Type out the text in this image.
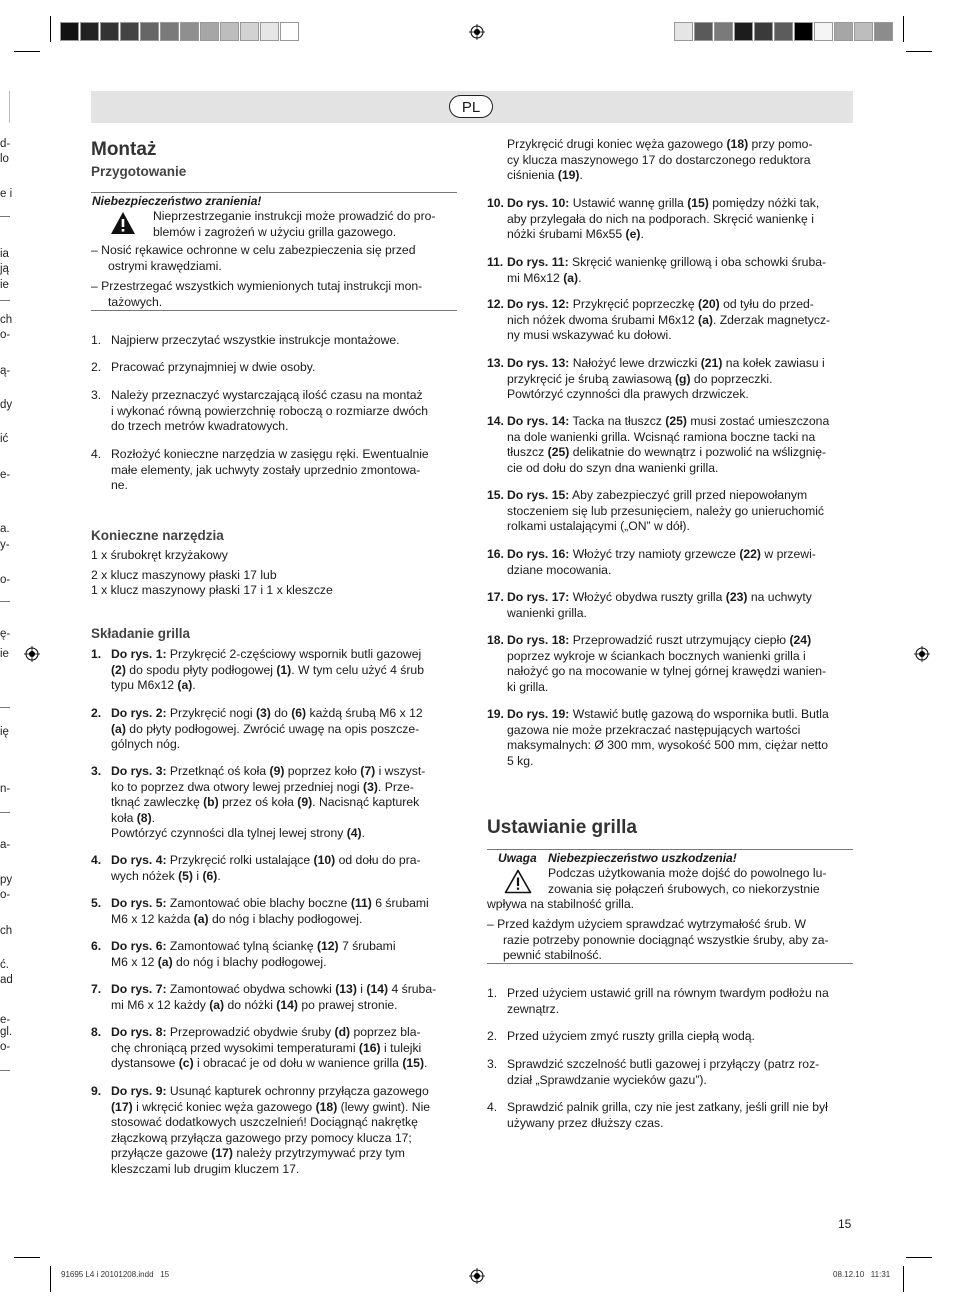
d-
lo
e i
ia
ją
ie
ch
o-
ą-
dy
ić
e-
a.
y-
o-
ę-
ie
ię
n-
a-
py
o-
ch
ć.
ad
e-
gl.
o-
PL
Montaż
Przygotowanie
Niebezpieczeństwo zranienia!
Nieprzestrzeganie instrukcji może prowadzić do pro-
blemów i zagrożeń w użyciu grilla gazowego.
– Nosić rękawice ochronne w celu zabezpieczenia się przed
ostrymi krawędziami.
– Przestrzegać wszystkich wymienionych tutaj instrukcji mon-
tażowych.
1. Najpierw przeczytać wszystkie instrukcje montażowe.
2. Pracować przynajmniej w dwie osoby.
3. Należy przeznaczyć wystarczającą ilość czasu na montaż
i wykonać równą powierzchnię roboczą o rozmiarze dwóch
do trzech metrów kwadratowych.
4. Rozłożyć konieczne narzędzia w zasięgu ręki. Ewentualnie
małe elementy, jak uchwyty zostały uprzednio zmontowa-
ne.
Konieczne narzędzia
1 x śrubokręt krzyżakowy
2 x klucz maszynowy płaski 17 lub
1 x klucz maszynowy płaski 17 i 1 x kleszcze
Składanie grilla
1. Do rys. 1: Przykręcić 2-częściowy wspornik butli gazowej
(2) do spodu płyty podłogowej (1). W tym celu użyć 4 śrub
typu M6x12 (a).
2. Do rys. 2: Przykręcić nogi (3) do (6) każdą śrubą M6 x 12
(a) do płyty podłogowej. Zwrócić uwagę na opis poszcze-
gólnych nóg.
3. Do rys. 3: Przetknąć oś koła (9) poprzez koło (7) i wszyst-
ko to poprzez dwa otwory lewej przedniej nogi (3). Prze-
tknąć zawleczkę (b) przez oś koła (9). Nacisnąć kapturek
koła (8).
Powtórzyć czynności dla tylnej lewej strony (4).
4. Do rys. 4: Przykręcić rolki ustalające (10) od dołu do pra-
wych nóżek (5) i (6).
5. Do rys. 5: Zamontować obie blachy boczne (11) 6 śrubami
M6 x 12 każda (a) do nóg i blachy podłogowej.
6. Do rys. 6: Zamontować tylną ściankę (12) 7 śrubami
M6 x 12 (a) do nóg i blachy podłogowej.
7. Do rys. 7: Zamontować obydwa schowki (13) i (14) 4 śruba-
mi M6 x 12 każdy (a) do nóżki (14) po prawej stronie.
8. Do rys. 8: Przeprowadzić obydwie śruby (d) poprzez bla-
chę chroniącą przed wysokimi temperaturami (16) i tulejki
dystansowe (c) i obracać je od dołu w wanience grilla (15).
9. Do rys. 9: Usunąć kapturek ochronny przyłącza gazowego
(17) i wkręcić koniec węża gazowego (18) (lewy gwint). Nie
stosować dodatkowych uszczelnień! Dociągnąć nakrętkę
złączkową przyłącza gazowego przy pomocy klucza 17;
przyłącze gazowe (17) należy przytrzymywać przy tym
kleszczami lub drugim kluczem 17.
Przykręcić drugi koniec węża gazowego (18) przy pomo-
cy klucza maszynowego 17 do dostarczonego reduktora
ciśnienia (19).
10. Do rys. 10: Ustawić wannę grilla (15) pomiędzy nóżki tak,
aby przylegała do nich na podporach. Skręcić wanienkę i
nóżki śrubami M6x55 (e).
11. Do rys. 11: Skręcić wanienkę grillową i oba schowki śruba-
mi M6x12 (a).
12. Do rys. 12: Przykręcić poprzeczkę (20) od tyłu do przed-
nich nóżek dwoma śrubami M6x12 (a). Zderzak magnetycz-
ny musi wskazywać ku dołowi.
13. Do rys. 13: Nałożyć lewe drzwiczki (21) na kołek zawiasu i
przykręcić je śrubą zawiasową (g) do poprzeczki.
Powtórzyć czynności dla prawych drzwiczek.
14. Do rys. 14: Tacka na tłuszcz (25) musi zostać umieszczona
na dole wanienki grilla. Wcisnąć ramiona boczne tacki na
tłuszcz (25) delikatnie do wewnątrz i pozwolić na wślizgnię-
cie od dołu do szyn dna wanienki grilla.
15. Do rys. 15: Aby zabezpieczyć grill przed niepowołanym
stoczeniem się lub przesunięciem, należy go unieruchomić
rolkami ustalającymi („ON” w dół).
16. Do rys. 16: Włożyć trzy namioty grzewcze (22) w przewi-
dziane mocowania.
17. Do rys. 17: Włożyć obydwa ruszty grilla (23) na uchwyty
wanienki grilla.
18. Do rys. 18: Przeprowadzić ruszt utrzymujący ciepło (24)
poprzez wykroje w ściankach bocznych wanienki grilla i
nałożyć go na mocowanie w tylnej górnej krawędzi wanien-
ki grilla.
19. Do rys. 19: Wstawić butlę gazową do wspornika butli. Butla
gazowa nie może przekraczać następujących wartości
maksymalnych: Ø 300 mm, wysokość 500 mm, ciężar netto
5 kg.
Ustawianie grilla
Uwaga Niebezpieczeństwo uszkodzenia!
Podczas użytkowania może dojść do powolnego lu-
zowania się połączeń śrubowych, co niekorzystnie
wpływa na stabilność grilla.
– Przed każdym użyciem sprawdzać wytrzymałość śrub. W
razie potrzeby ponownie dociągnąć wszystkie śruby, aby za-
pewnić stabilność.
1. Przed użyciem ustawić grill na równym twardym podłożu na
zewnątrz.
2. Przed użyciem zmyć ruszty grilla ciepłą wodą.
3. Sprawdzić szczelność butli gazowej i przyłączy (patrz roz-
dział „Sprawdzanie wycieków gazu”).
4. Sprawdzić palnik grilla, czy nie jest zatkany, jeśli grill nie był
używany przez dłuższy czas.
15
91695 L4 i 20101208.indd   15	08.12.10   11:31
